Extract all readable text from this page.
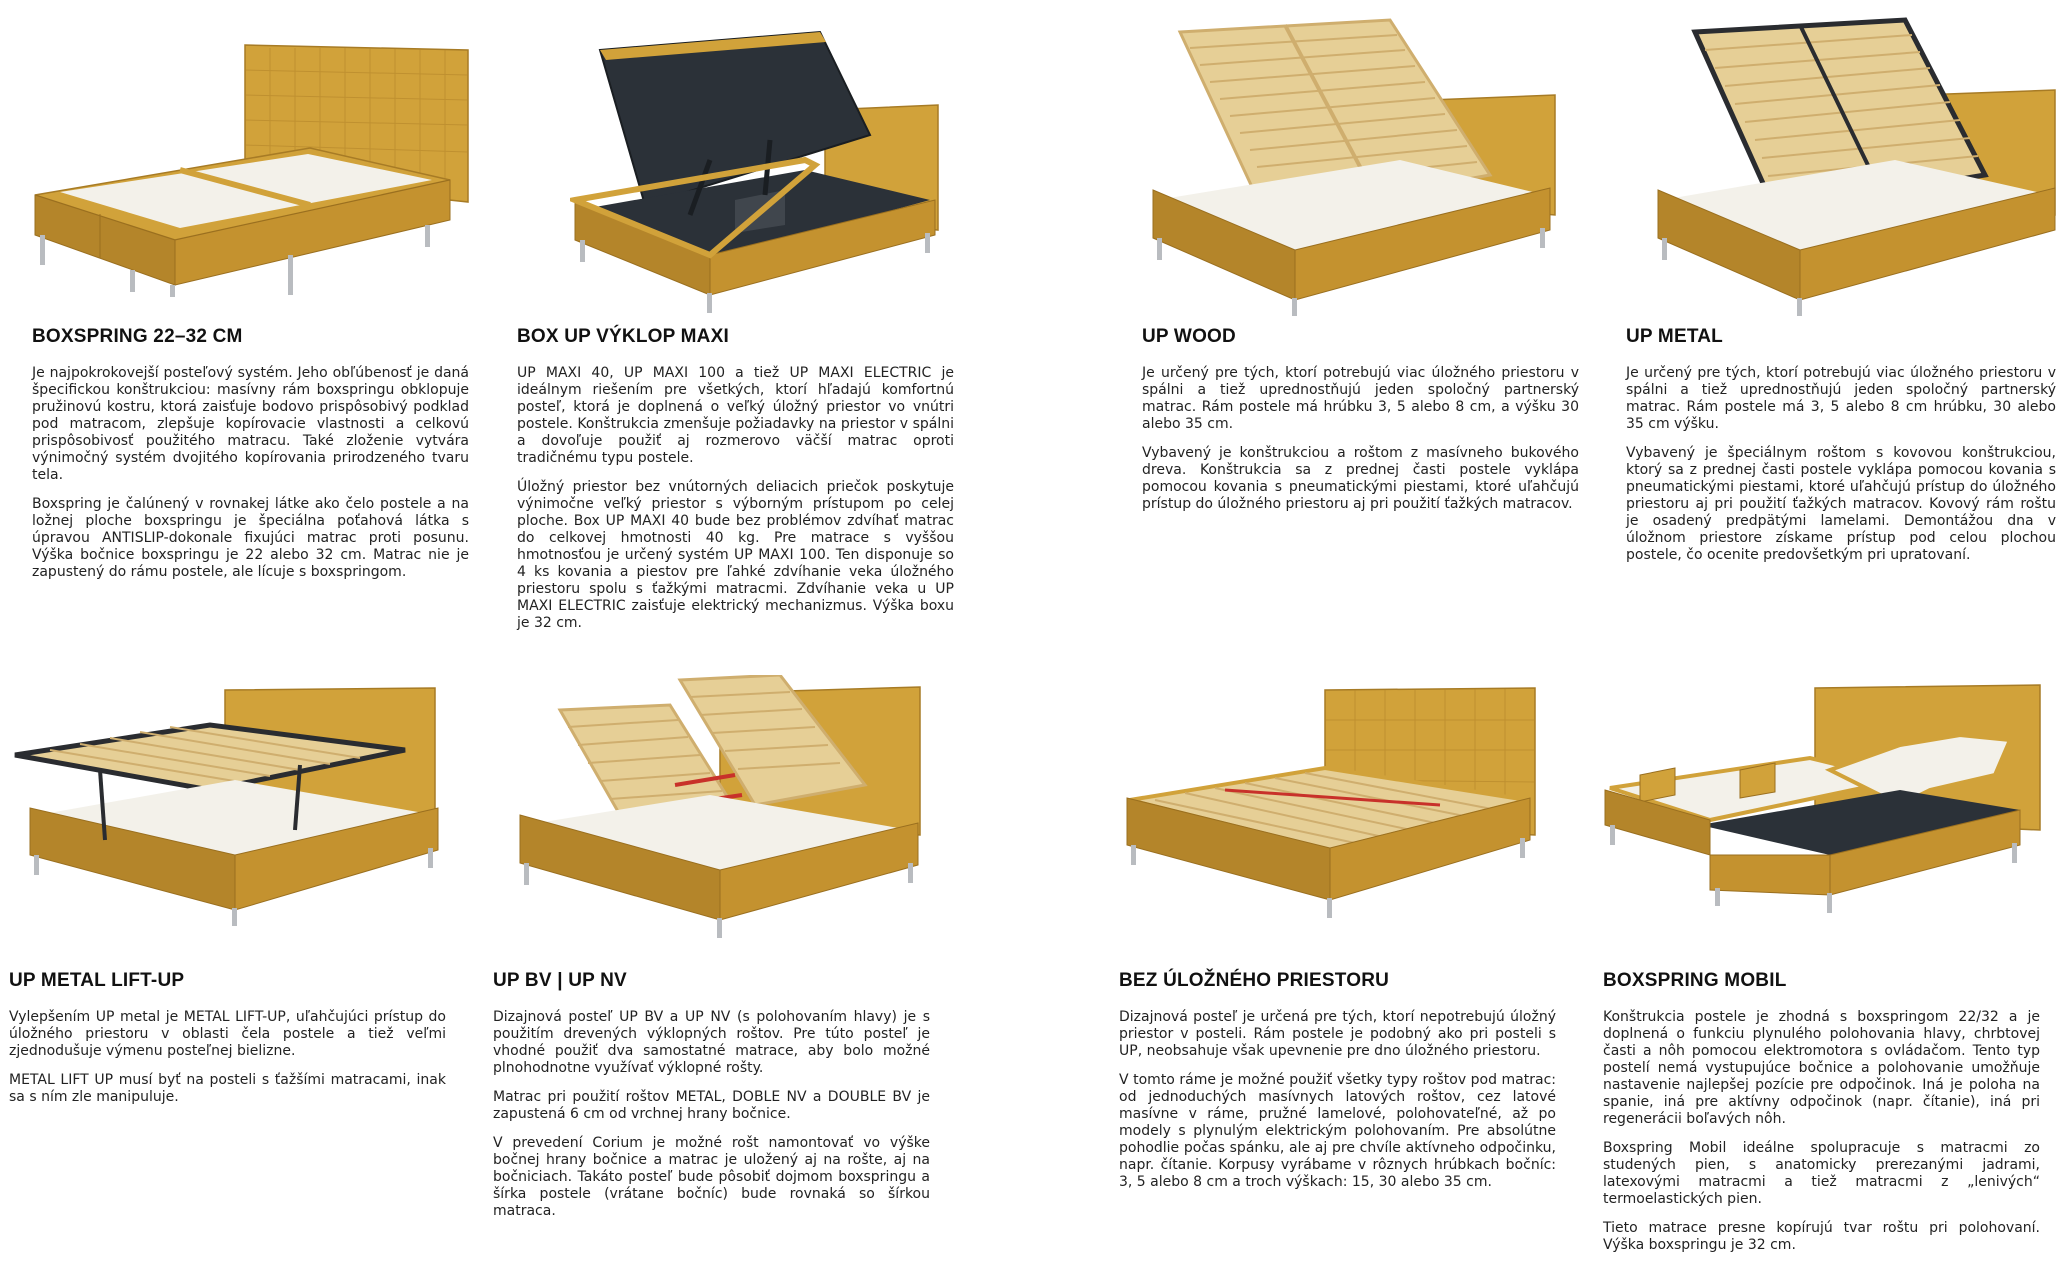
BOXSPRING 22–32 CM

Je najpokrokovejší posteľový systém. Jeho obľúbenosť je daná špecifickou konštrukciou: masívny rám boxspringu obklopuje pružinovú kostru, ktorá zaisťuje bodovo prispôsobivý podklad pod matracom, zlepšuje kopírovacie vlastnosti a celkovú prispôsobivosť použitého matracu. Také zloženie vytvára výnimočný systém dvojitého kopírovania prirodzeného tvaru tela.

Boxspring je čalúnený v rovnakej látke ako čelo postele a na ložnej ploche boxspringu je špeciálna poťahová látka s úpravou ANTISLIP-dokonale fixujúci matrac proti posunu. Výška bočnice boxspringu je 22 alebo 32 cm. Matrac nie je zapustený do rámu postele, ale lícuje s boxspringom.

BOX UP VÝKLOP MAXI

UP MAXI 40, UP MAXI 100 a tiež UP MAXI ELECTRIC je ideálnym riešením pre všetkých, ktorí hľadajú komfortnú posteľ, ktorá je doplnená o veľký úložný priestor vo vnútri postele. Konštrukcia zmenšuje požiadavky na priestor v spálni a dovoľuje použiť aj rozmerovo väčší matrac oproti tradičnému typu postele.

Úložný priestor bez vnútorných deliacich priečok poskytuje výnimočne veľký priestor s výborným prístupom po celej ploche. Box UP MAXI 40 bude bez problémov zdvíhať matrac do celkovej hmotnosti 40 kg. Pre matrace s vyššou hmotnosťou je určený systém UP MAXI 100. Ten disponuje so 4 ks kovania a piestov pre ľahké zdvíhanie veka úložného priestoru spolu s ťažkými matracmi. Zdvíhanie veka u UP MAXI ELECTRIC zaisťuje elektrický mechanizmus. Výška boxu je 32 cm.

UP WOOD

Je určený pre tých, ktorí potrebujú viac úložného priestoru v spálni a tiež uprednostňujú jeden spoločný partnerský matrac. Rám postele má hrúbku 3, 5 alebo 8 cm, a výšku 30 alebo 35 cm.

Vybavený je konštrukciou a roštom z masívneho bukového dreva. Konštrukcia sa z prednej časti postele vyklápa pomocou kovania s pneumatickými piestami, ktoré uľahčujú prístup do úložného priestoru aj pri použití ťažkých matracov.

UP METAL

Je určený pre tých, ktorí potrebujú viac úložného priestoru v spálni a tiež uprednostňujú jeden spoločný partnerský matrac. Rám postele má 3, 5 alebo 8 cm hrúbku, 30 alebo 35 cm výšku.

Vybavený je špeciálnym roštom s kovovou konštrukciou, ktorý sa z prednej časti postele vyklápa pomocou kovania s pneumatickými piestami, ktoré uľahčujú prístup do úložného priestoru aj pri použití ťažkých matracov. Kovový rám roštu je osadený predpätými lamelami. Demontážou dna v úložnom priestore získame prístup pod celou plochou postele, čo ocenite predovšetkým pri upratovaní.

UP METAL LIFT-UP

Vylepšením UP metal je METAL LIFT-UP, uľahčujúci prístup do úložného priestoru v oblasti čela postele a tiež veľmi zjednodušuje výmenu posteľnej bielizne.

METAL LIFT UP musí byť na posteli s ťažšími matracami, inak sa s ním zle manipuluje.

UP BV | UP NV

Dizajnová posteľ UP BV a UP NV (s polohovaním hlavy) je s použitím drevených výklopných roštov. Pre túto posteľ je vhodné použiť dva samostatné matrace, aby bolo možné plnohodnotne využívať výklopné rošty.

Matrac pri použití roštov METAL, DOBLE NV a DOUBLE BV je zapustená 6 cm od vrchnej hrany bočnice.

V prevedení Corium je možné rošt namontovať vo výške bočnej hrany bočnice a matrac je uložený aj na rošte, aj na bočniciach. Takáto posteľ bude pôsobiť dojmom boxspringu a šírka postele (vrátane bočníc) bude rovnaká so šírkou matraca.

BEZ ÚLOŽNÉHO PRIESTORU

Dizajnová posteľ je určená pre tých, ktorí nepotrebujú úložný priestor v posteli. Rám postele je podobný ako pri posteli s UP, neobsahuje však upevnenie pre dno úložného priestoru.

V tomto ráme je možné použiť všetky typy roštov pod matrac: od jednoduchých masívnych latových roštov, cez latové masívne v ráme, pružné lamelové, polohovateľné, až po modely s plynulým elektrickým polohovaním. Pre absolútne pohodlie počas spánku, ale aj pre chvíle aktívneho odpočinku, napr. čítanie. Korpusy vyrábame v rôznych hrúbkach bočníc: 3, 5 alebo 8 cm a troch výškach: 15, 30 alebo 35 cm.

BOXSPRING MOBIL

Konštrukcia postele je zhodná s boxspringom 22/32 a je doplnená o funkciu plynulého polohovania hlavy, chrbtovej časti a nôh pomocou elektromotora s ovládačom. Tento typ postelí nemá vystupujúce bočnice a polohovanie umožňuje nastavenie najlepšej pozície pre odpočinok. Iná je poloha na spanie, iná pre aktívny odpočinok (napr. čítanie), iná pri regenerácii boľavých nôh.

Boxspring Mobil ideálne spolupracuje s matracmi zo studených pien, s anatomicky prerezanými jadrami, latexovými matracmi a tiež matracmi z „lenivých“ termoelastických pien.

Tieto matrace presne kopírujú tvar roštu pri polohovaní. Výška boxspringu je 32 cm.
